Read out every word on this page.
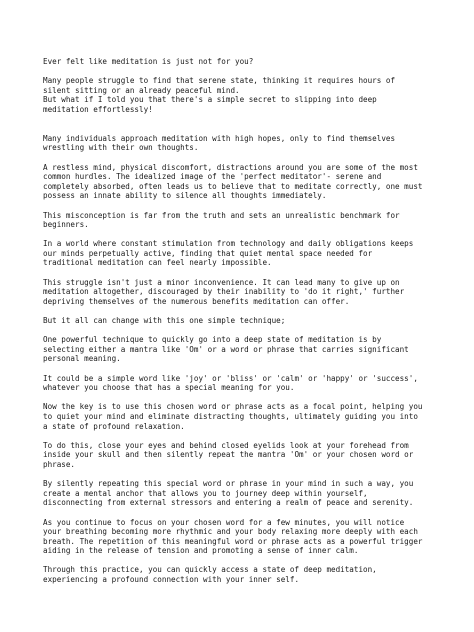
Ever felt like meditation is just not for you?

Many people struggle to find that serene state, thinking it requires hours of
silent sitting or an already peaceful mind.
But what if I told you that there's a simple secret to slipping into deep
meditation effortlessly!

Many individuals approach meditation with high hopes, only to find themselves
wrestling with their own thoughts.

A restless mind, physical discomfort, distractions around you are some of the most
common hurdles. The idealized image of the 'perfect meditator'- serene and
completely absorbed, often leads us to believe that to meditate correctly, one must
possess an innate ability to silence all thoughts immediately.

This misconception is far from the truth and sets an unrealistic benchmark for
beginners.

In a world where constant stimulation from technology and daily obligations keeps
our minds perpetually active, finding that quiet mental space needed for
traditional meditation can feel nearly impossible.

This struggle isn't just a minor inconvenience. It can lead many to give up on
meditation altogether, discouraged by their inability to 'do it right,' further
depriving themselves of the numerous benefits meditation can offer.

But it all can change with this one simple technique;

One powerful technique to quickly go into a deep state of meditation is by
selecting either a mantra like 'Om' or a word or phrase that carries significant
personal meaning.

It could be a simple word like 'joy' or 'bliss' or 'calm' or 'happy' or 'success',
whatever you choose that has a special meaning for you.

Now the key is to use this chosen word or phrase acts as a focal point, helping you
to quiet your mind and eliminate distracting thoughts, ultimately guiding you into
a state of profound relaxation.

To do this, close your eyes and behind closed eyelids look at your forehead from
inside your skull and then silently repeat the mantra 'Om' or your chosen word or
phrase.

By silently repeating this special word or phrase in your mind in such a way, you
create a mental anchor that allows you to journey deep within yourself,
disconnecting from external stressors and entering a realm of peace and serenity.

As you continue to focus on your chosen word for a few minutes, you will notice
your breathing becoming more rhythmic and your body relaxing more deeply with each
breath. The repetition of this meaningful word or phrase acts as a powerful trigger
aiding in the release of tension and promoting a sense of inner calm.

Through this practice, you can quickly access a state of deep meditation,
experiencing a profound connection with your inner self.
